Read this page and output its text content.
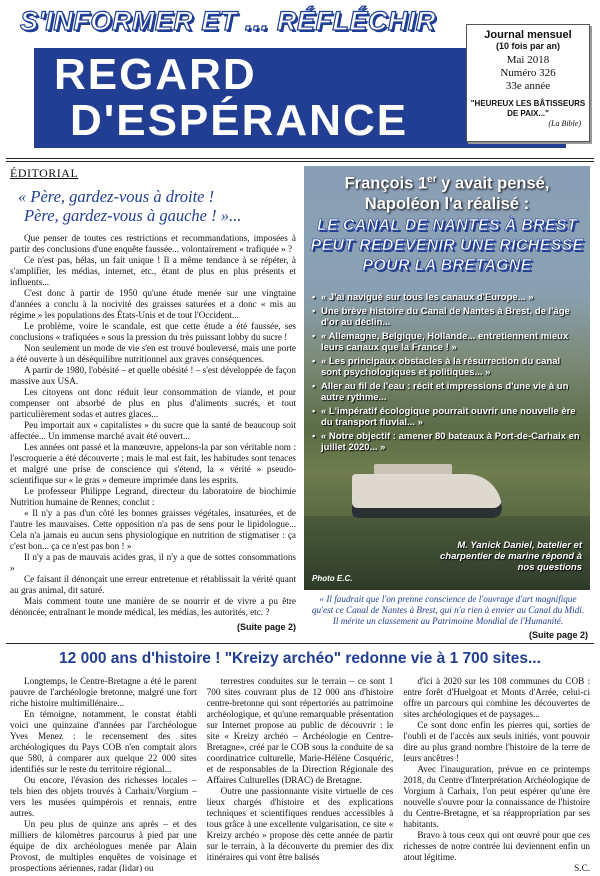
S'INFORMER ET ... RÉFLÉCHIR
REGARD
D'ESPÉRANCE
Journal mensuel
(10 fois par an)
Mai 2018
Numéro 326
33e année
"HEUREUX LES BÂTISSEURS DE PAIX..."
(La Bible)
ÉDITORIAL
« Père, gardez-vous à droite !
Père, gardez-vous à gauche ! »...

Que penser de toutes ces restrictions et recommandations, imposées à partir des conclusions d'une enquête faussée... volontairement « trafiquée » ?

Ce n'est pas, hélas, un fait unique ! Il a même tendance à se répéter, à s'amplifier, les médias, internet, etc., étant de plus en plus présents et influents...

C'est donc à partir de 1950 qu'une étude menée sur une vingtaine d'années a conclu à la nocivité des graisses saturées et a donc « mis au régime » les populations des États-Unis et de tout l'Occident...

Le problème, voire le scandale, est que cette étude a été faussée, ses conclusions « trafiquées » sous la pression du très puissant lobby du sucre !

Non seulement un mode de vie s'en est trouvé bouleversé, mais une porte a été ouverte à un déséquilibre nutritionnel aux graves conséquences.

A partir de 1980, l'obésité – et quelle obésité ! – s'est développée de façon massive aux USA.

Les citoyens ont donc réduit leur consommation de viande, et pour compenser ont absorbé de plus en plus d'aliments sucrés, et tout particulièrement sodas et autres glaces...

Peu importait aux « capitalistes » du sucre que la santé de beaucoup soit affectée... Un immense marché avait été ouvert...

Les années ont passé et la manœuvre, appelons-la par son véritable nom : l'escroquerie a été découverte ; mais le mal est fait, les habitudes sont tenaces et malgré une prise de conscience qui s'étend, la « vérité » pseudo-scientifique sur « le gras » demeure imprimée dans les esprits.

Le professeur Philippe Legrand, directeur du laboratoire de biochimie Nutrition humaine de Rennes, conclut :

« Il n'y a pas d'un côté les bonnes graisses végétales, insaturées, et de l'autre les mauvaises. Cette opposition n'a pas de sens pour le lipidologue... Cela n'a jamais eu aucun sens physiologique en nutrition de stigmatiser : ça c'est bon... ça ce n'est pas bon ! »

Il n'y a pas de mauvais acides gras, il n'y a que de sottes consommations »

Ce faisant il dénonçait une erreur entretenue et rétablissait la vérité quant au gras animal, dit saturé.

Mais comment toute une manière de se nourrir et de vivre a pu être dénoncée, entraînant le monde médical, les médias, les autorités, etc. ?

(Suite page 2)
François 1er y avait pensé,
Napoléon l'a réalisé :
LE CANAL DE NANTES À BREST PEUT REDEVENIR UNE RICHESSE POUR LA BRETAGNE
• « J'ai navigué sur tous les canaux d'Europe... »
• Une brève histoire du Canal de Nantes à Brest, de l'âge d'or au déclin...
• « Allemagne, Belgique, Hollande... entretiennent mieux leurs canaux que la France ! »
• « Les principaux obstacles à la résurrection du canal sont psychologiques et politiques... »
• Aller au fil de l'eau : récit et impressions d'une vie à un autre rythme...
• « L'impératif écologique pourrait ouvrir une nouvelle ère du transport fluvial... »
• « Notre objectif : amener 80 bateaux à Port-de-Carhaix en juillet 2020... »
M. Yanick Daniel, batelier et charpentier de marine répond à nos questions
Photo E.C.
« Il faudrait que l'on prenne conscience de l'ouvrage d'art magnifique qu'est ce Canal de Nantes à Brest, qui n'a rien à envier au Canal du Midi. Il mérite un classement au Patrimoine Mondial de l'Humanité.
(Suite page 2)
12 000 ans d'histoire ! "Kreizy archéo" redonne vie à 1 700 sites...

Longtemps, le Centre-Bretagne a été le parent pauvre de l'archéologie bretonne, malgré une fort riche histoire multimillénaire...

En témoigne, notamment, le constat établi voici une quinzaine d'années par l'archéologue Yves Menez : le recensement des sites archéologiques du Pays COB n'en comptait alors que 580, à comparer aux quelque 22 000 sites identifiés sur le reste du territoire régional...

Ou encore, l'évasion des richesses locales – tels bien des objets trouvés à Carhaix/Vorgium – vers les musées quimpérois et rennais, entre autres.

Un peu plus de quinze ans après – et des milliers de kilomètres parcourus à pied par une équipe de dix archéologues menée par Alain Provost, de multiples enquêtes de voisinage et prospections aériennes, radar (lidar) ou

terrestres conduites sur le terrain – ce sont 1 700 sites couvrant plus de 12 000 ans d'histoire centre-bretonne qui sont répertoriés au patrimoine archéologique, et qu'une remarquable présentation sur Internet propose au public de découvrir : le site « Kreizy archéo – Archéologie en Centre-Bretagne», créé par le COB sous la conduite de sa coordinatrice culturelle, Marie-Hélène Cosquéric, et de responsables de la Direction Régionale des Affaires Culturelles (DRAC) de Bretagne.

Outre une passionnante visite virtuelle de ces lieux chargés d'histoire et des explications techniques et scientifiques rendues accessibles à tous grâce à une excellente vulgarisation, ce site « Kreizy archéo » propose dès cette année de partir sur le terrain, à la découverte du premier des dix itinéraires qui vont être balisés

d'ici à 2020 sur les 108 communes du COB : entre forêt d'Huelgoat et Monts d'Arrée, celui-ci offre un parcours qui combine les découvertes de sites archéologiques et de paysages...

Ce sont donc enfin les pierres qui, sorties de l'oubli et de l'accès aux seuls initiés, vont pouvoir dire au plus grand nombre l'histoire de la terre de leurs ancêtres !

Avec l'inauguration, prévue en ce printemps 2018, du Centre d'Interprétation Archéologique de Vorgium à Carhaix, l'on peut espérer qu'une ère nouvelle s'ouvre pour la connaissance de l'histoire du Centre-Bretagne, et sa réappropriation par ses habitants.

Bravo à tous ceux qui ont œuvré pour que ces richesses de notre contrée lui deviennent enfin un atout légitime.

S.C.
